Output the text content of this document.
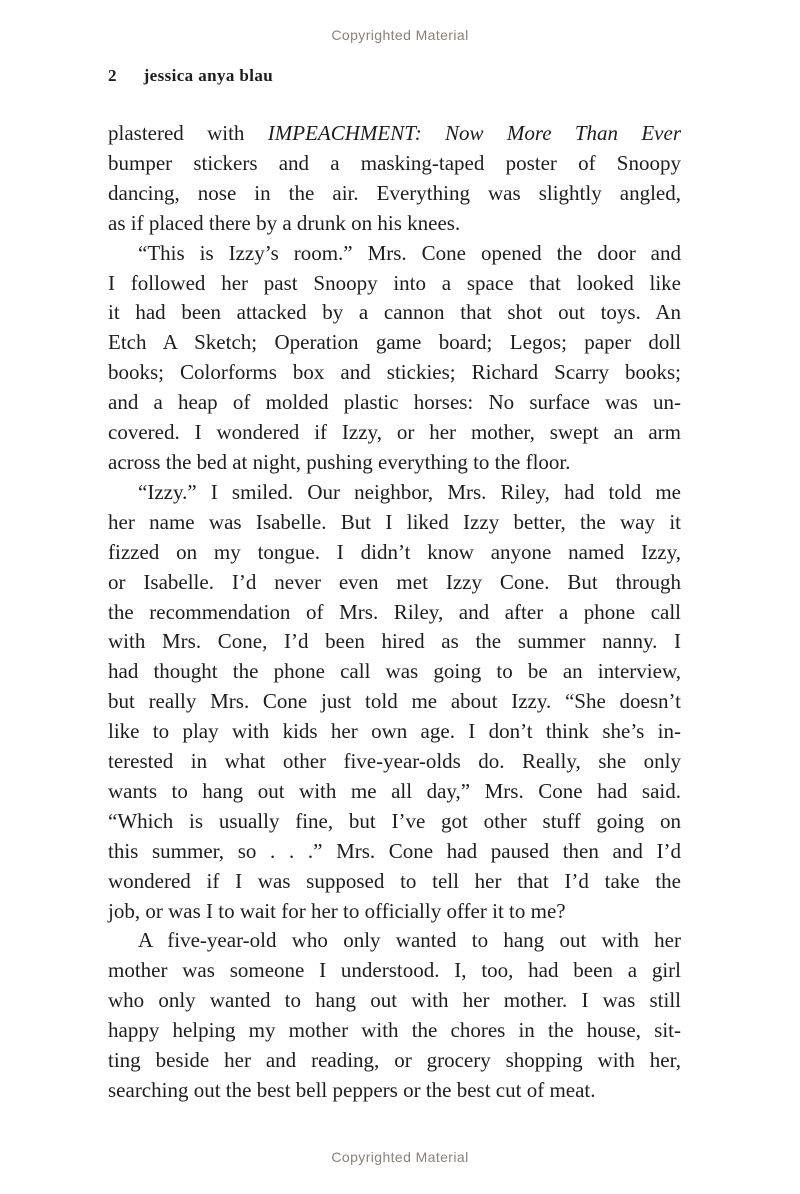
Copyrighted Material
2 jessica anya blau
plastered with IMPEACHMENT: Now More Than Ever
bumper stickers and a masking-taped poster of Snoopy
dancing, nose in the air. Everything was slightly angled,
as if placed there by a drunk on his knees.
“This is Izzy’s room.” Mrs. Cone opened the door and
I followed her past Snoopy into a space that looked like
it had been attacked by a cannon that shot out toys. An
Etch A Sketch; Operation game board; Legos; paper doll
books; Colorforms box and stickies; Richard Scarry books;
and a heap of molded plastic horses: No surface was un-
covered. I wondered if Izzy, or her mother, swept an arm
across the bed at night, pushing everything to the floor.
“Izzy.” I smiled. Our neighbor, Mrs. Riley, had told me
her name was Isabelle. But I liked Izzy better, the way it
fizzed on my tongue. I didn’t know anyone named Izzy,
or Isabelle. I’d never even met Izzy Cone. But through
the recommendation of Mrs. Riley, and after a phone call
with Mrs. Cone, I’d been hired as the summer nanny. I
had thought the phone call was going to be an interview,
but really Mrs. Cone just told me about Izzy. “She doesn’t
like to play with kids her own age. I don’t think she’s in-
terested in what other five-year-olds do. Really, she only
wants to hang out with me all day,” Mrs. Cone had said.
“Which is usually fine, but I’ve got other stuff going on
this summer, so . . .” Mrs. Cone had paused then and I’d
wondered if I was supposed to tell her that I’d take the
job, or was I to wait for her to officially offer it to me?
A five-year-old who only wanted to hang out with her
mother was someone I understood. I, too, had been a girl
who only wanted to hang out with her mother. I was still
happy helping my mother with the chores in the house, sit-
ting beside her and reading, or grocery shopping with her,
searching out the best bell peppers or the best cut of meat.
Copyrighted Material
